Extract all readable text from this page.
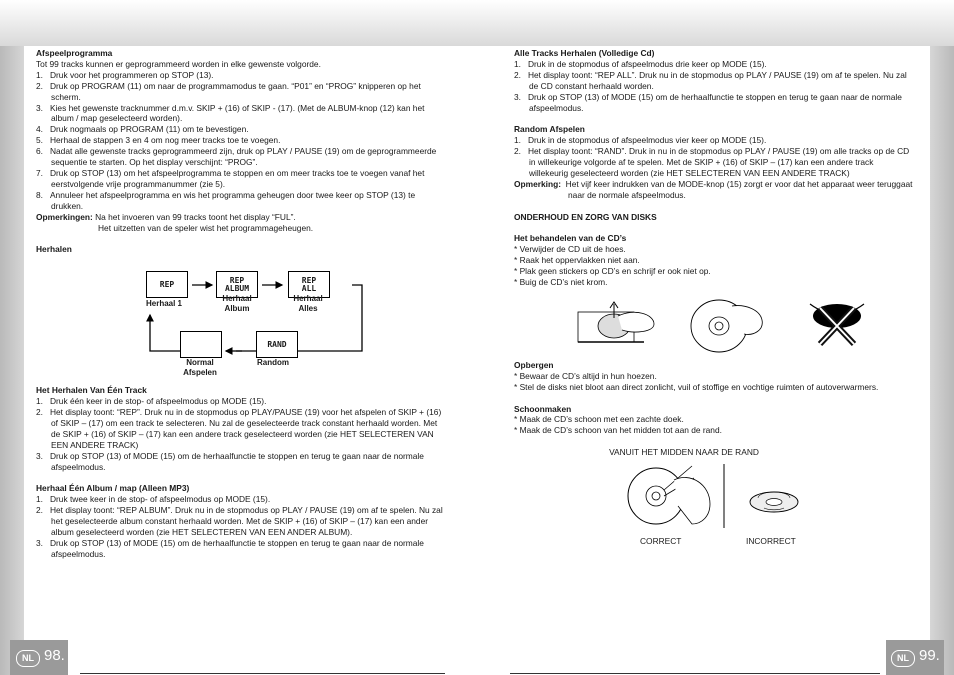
Afspeelprogramma
Tot 99 tracks kunnen er geprogrammeerd worden in elke gewenste volgorde.
1.   Druk voor het programmeren op STOP (13).
2.   Druk op PROGRAM (11) om naar de programmamodus te gaan. “P01” en “PROG” knipperen op het scherm.
3.   Kies het gewenste tracknummer d.m.v. SKIP + (16) of SKIP - (17). (Met de ALBUM-knop (12) kan het album / map geselecteerd worden).
4.   Druk nogmaals op PROGRAM (11) om te bevestigen.
5.   Herhaal de stappen 3 en 4 om nog meer tracks toe te voegen.
6.   Nadat alle gewenste tracks geprogrammeerd zijn, druk op PLAY / PAUSE (19) om de geprogrammeerde sequentie te starten. Op het display verschijnt: “PROG”.
7.   Druk op STOP (13) om het afspeelprogramma te stoppen en om meer tracks toe te voegen vanaf het eerstvolgende vrije programmanummer (zie 5).
8.   Annuleer het afspeelprogramma en wis het programma geheugen door twee keer op STOP (13) te drukken.
Opmerkingen: Na het invoeren van 99 tracks toont het display “FUL”.
Het uitzetten van de speler wist het programmageheugen.
Herhalen
REP	REP
ALBUM
REP
ALL
RAND
Herhaal 1
Herhaal
Album
Herhaal
Alles
Normal
Afspelen
Random
Het Herhalen Van Één Track
1.   Druk één keer in de stop- of afspeelmodus op MODE (15).
2.   Het display toont: “REP”. Druk nu in de stopmodus op PLAY/PAUSE (19) voor het afspelen of SKIP + (16) of SKIP – (17) om een track te selecteren. Nu zal de geselecteerde track constant herhaald worden. Met de SKIP + (16) of SKIP – (17) kan een andere track geselecteerd worden (zie HET SELECTEREN VAN EEN ANDERE TRACK)
3.   Druk op STOP (13) of MODE (15) om de herhaalfunctie te stoppen en terug te gaan naar de normale afspeelmodus.
Herhaal Één Album / map (Alleen MP3)
1.   Druk twee keer in de stop- of afspeelmodus op MODE (15).
2.   Het display toont: “REP ALBUM”. Druk nu in de stopmodus op PLAY / PAUSE (19) om af te spelen. Nu zal het geselecteerde album constant herhaald worden. Met de SKIP + (16) of SKIP – (17) kan een ander album geselecteerd worden (zie HET SELECTEREN VAN EEN ANDER ALBUM).
3.   Druk op STOP (13) of MODE (15) om de herhaalfunctie te stoppen en terug te gaan naar de normale afspeelmodus.
Alle Tracks Herhalen (Volledige Cd)
1.   Druk in de stopmodus of afspeelmodus drie keer op MODE (15).
2.   Het display toont: “REP ALL”. Druk nu in de stopmodus op PLAY / PAUSE (19) om af te spelen. Nu zal de CD constant herhaald worden.
3.   Druk op STOP (13) of MODE (15) om de herhaalfunctie te stoppen en terug te gaan naar de normale afspeelmodus.
Random Afspelen
1.   Druk in de stopmodus of afspeelmodus vier keer op MODE (15).
2.   Het display toont: “RAND”. Druk in nu in de stopmodus op PLAY / PAUSE (19) om alle tracks op de CD in willekeurige volgorde af te spelen. Met de SKIP + (16) of SKIP – (17) kan een andere track willekeurig geselecteerd worden (zie HET SELECTEREN VAN EEN ANDERE TRACK)
Opmerking: Het vijf keer indrukken van de MODE-knop (15) zorgt er voor dat het apparaat weer teruggaat naar de normale afspeelmodus.
ONDERHOUD EN ZORG VAN DISKS
Het behandelen van de CD’s
* Verwijder de CD uit de hoes.
* Raak het oppervlakken niet aan.
* Plak geen stickers op CD’s en schrijf er ook niet op.
* Buig de CD’s niet krom.
Opbergen
* Bewaar de CD’s altijd in hun hoezen.
* Stel de disks niet bloot aan direct zonlicht, vuil of stoffige en vochtige ruimten of autoverwarmers.
Schoonmaken
* Maak de CD’s schoon met een zachte doek.
* Maak de CD’s schoon van het midden tot aan de rand.
VANUIT HET MIDDEN NAAR DE RAND
CORRECT	INCORRECT
NL 98.	NL 99.
